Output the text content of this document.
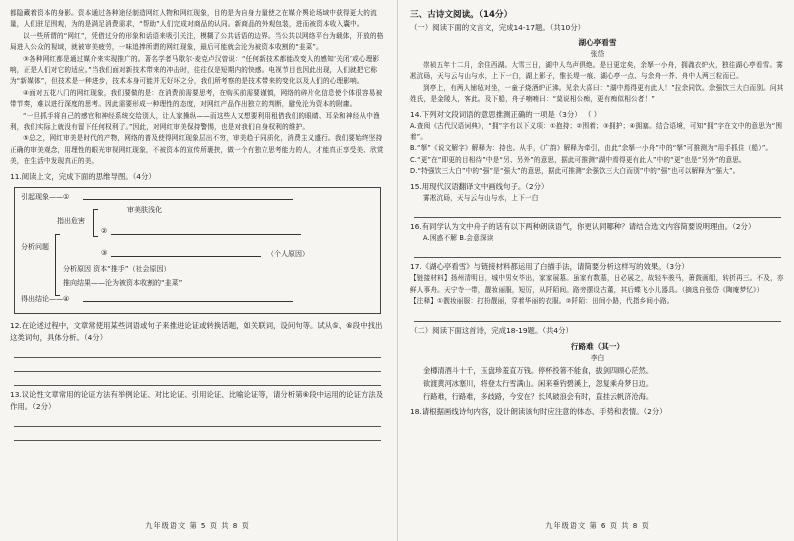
都隐藏着资本的身影。资本通过各种途径制造网红人物和网红现象，目的是为自身力量使之在媒介舆论场域中获得更大的流量，人们驻足围观，为的是满足消费需求，“帮助”人们完成对商品的认同。新商品的外观包装，进而被资本收入囊中。

以一些所谓的“网红”，凭借过分的形象和话语来吸引关注，模糊了公共话语的边界。当公共以网络平台为载体，开放的格局进入公众的视域，就被审美疲劳，一味追捧所谓的网红现象，最后可能就会沦为被资本收割的“韭菜”。

③各种网红都是通过媒介来实现推广的。著名学者马歇尔·麦克卢汉曾说：“任何新技术都能改变人的感知‘关闭’或心理影响，正是人们对它的适应。”当我们面对新技术带来的冲击时，往往仅是短期内的快感。电视节目也因此出现，人们就把它称为“新媒体”，但技术是一种进步，技术本身可能并无好坏之分，我们所考察的是技术带来的变化以及人们的心理影响。

④面对五花八门的网红现象，我们要做的是：在消费前需要思考，在购买前需要谨慎，网络的碎片化信息使个体很容易被带节奏，难以进行深度的思考。因此需要形成一种理性的态度，对网红产品作出独立的判断，避免沦为资本的附庸。

“一旦抓手将自己的感官和神经系统交给别人，让人家操纵——而这些人又想要利用租借我们的眼睛、耳朵和神经从中渔利，我们实际上就没有留下任何权利了。”因此，对网红审美保持警惕，也是对我们自身权利的维护。

⑤总之，网红审美是时代的产物，网络的普及使得网红现象层出不穷，审美趋于同质化，消费主义盛行。我们要始终坚持正确的审美观念，用理性的眼光审视网红现象，不被资本的宣传所裹挟，做一个有独立思考能力的人，才能真正享受美、欣赏美，在生活中发现真正的美。

11.阅读上文，完成下面的思维导图。（4分）

引起现象——①
审美肤浅化
指出危害
②
分析问题
③	（个人原因）
分析原因 资本“推手”（社会原因）
推向结果——沦为被资本收割的“韭菜”
得出结论——④

12.在论述过程中，文章常使用某些词语或句子来推进论证或转换话题，如关联词，设问句等。试从⑤、⑥段中找出这类词句，具体分析。（4分）

13.议论性文章常用的论证方法有举例论证、对比论证、引用论证、比喻论证等，请分析第⑥段中运用的论证方法及作用。（2分）

九年级语文 第 5 页 共 8 页

三、古诗文阅读。（14分）

（一）阅读下面的文言文，完成14-17题。（共10分）

湖心亭看雪

张岱

崇祯五年十二月，余住西湖。大雪三日，湖中人鸟声俱绝。是日更定矣，余拏一小舟，拥毳衣炉火，独往湖心亭看雪。雾凇沆砀，天与云与山与水，上下一白，湖上影子，惟长堤一痕、湖心亭一点、与余舟一芥、舟中人两三粒而已。

到亭上，有两人铺毡对坐，一童子烧酒炉正沸。见余大喜曰：“湖中焉得更有此人！”拉余同饮。余强饮三大白而别。问其姓氏，是金陵人，客此。及下船，舟子喃喃曰：“莫说相公痴，更有痴似相公者！”

14.下列对文段词语的意思推测正确的一项是（3分） （ ）

A.查阅《古代汉语词典》，“拥”字有以下义项：①抱持；②围着；③拥护；④拥塞。结合语境，可知“拥”字在文中的意思为“围着”。

B.“拏”《说文解字》解释为：持也。从手，《广韵》解释为牵引，由此“余拏一小舟”中的“拏”可推测为“用手抓住（船）”。

C.“更”在“即更的目相待”中是“另、另外”的意思，据此可推测“湖中焉得更有此人”中的“更”也是“另外”的意思。

D.“特强饮三大白”中的“强”是“强大”的意思，据此可推测“余强饮三大白而别”中的“强”也可以解释为“强大”。

15.用现代汉语翻译文中画线句子。（2分）

雾凇沆砀，天与云与山与水，上下一白

16.有同学认为文中舟子的话有以下两种朗读语气，你更认同哪种？请结合选文内容简要说明理由。（2分）

A.困惑不解 B.会意深读

17.《湖心亭看雪》与链接材料都运用了白描手法，请简要分析这样写的效果。（3分）

【链接材料】扬州清明日，城中男女毕出，家家展墓。虽家有数墓，日必展之，故轻车骏马，箫鼓画船，转折再三。不及，亦鲜人事舟。天宁寺一带，靓妆丽服，短厉，从阡陌间。路旁摆设古董，其后蝶飞小儿器具。（摘选自张岱《陶庵梦忆》）

【注释】①靓妆丽服：打扮靓丽，穿着华丽的衣服。②阡陌：田间小路，代指乡间小路。

（二）阅读下面这首诗，完成18-19题。（共4分）

行路难（其一）

李白

金樽清酒斗十千，玉盘珍羞直万钱。停杯投箸不能食，拔剑四顾心茫然。

欲渡黄河冰塞川，将登太行雪满山。闲来垂钓碧溪上，忽复乘舟梦日边。

行路难，行路难，多歧路，今安在？长风破浪会有时，直挂云帆济沧海。

18.请根据画线诗句内容，设计朗读该句时应注意的体态、手势和表情。（2分）

九年级语文 第 6 页 共 8 页
